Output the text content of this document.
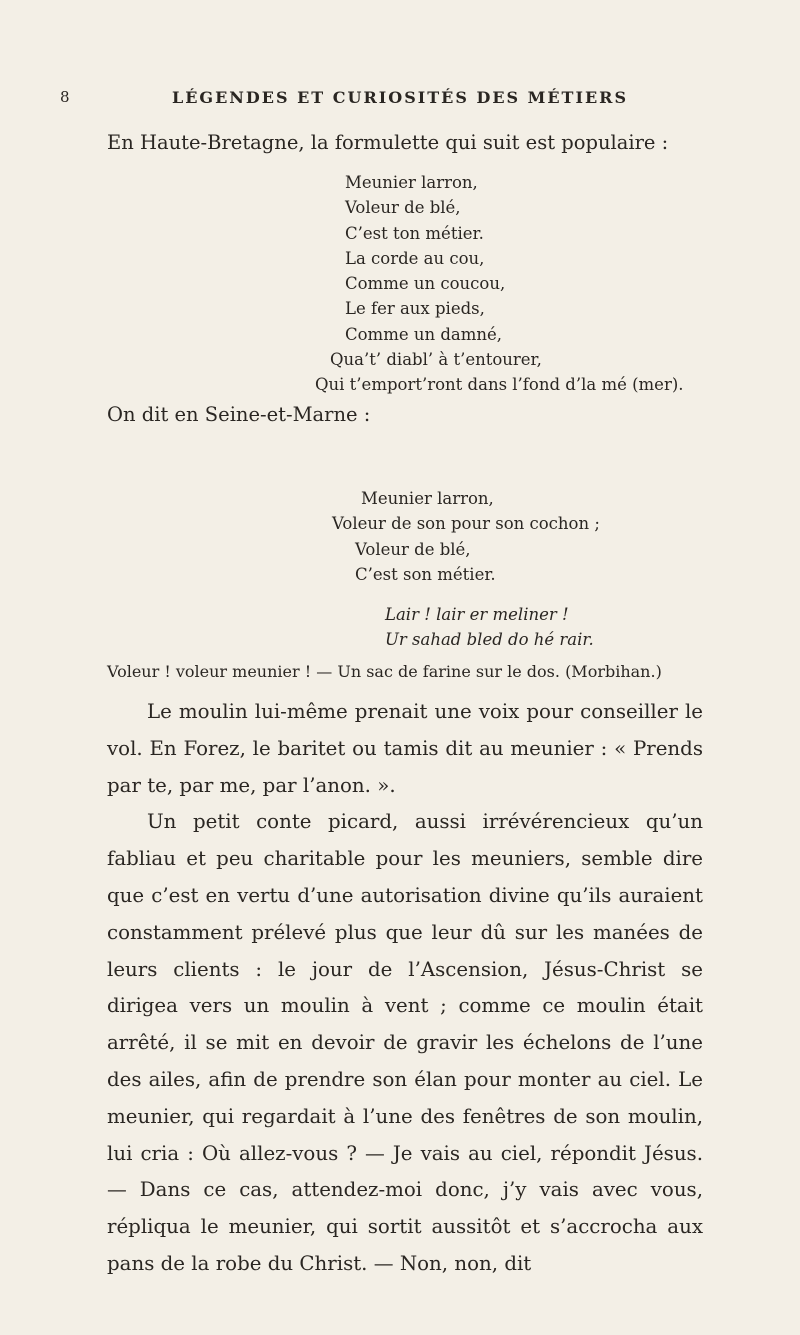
8	LÉGENDES ET CURIOSITÉS DES MÉTIERS

En Haute-Bretagne, la formulette qui suit est populaire :

Meunier larron,
Voleur de blé,
C’est ton métier.
La corde au cou,
Comme un coucou,
Le fer aux pieds,
Comme un damné,
Qua’t’ diabl’ à t’entourer,
Qui t’emport’ront dans l’fond d’la mé (mer).

On dit en Seine-et-Marne :

Meunier larron,
Voleur de son pour son cochon ;
Voleur de blé,
C’est son métier.
Lair ! lair er meliner !
Ur sahad bled do hé rair.
Voleur ! voleur meunier ! — Un sac de farine sur le dos. (Morbihan.)

Le moulin lui-même prenait une voix pour conseiller le vol. En Forez, le baritet ou tamis dit au meunier : « Prends par te, par me, par l’anon. ».

Un petit conte picard, aussi irrévérencieux qu’un fabliau et peu charitable pour les meuniers, semble dire que c’est en vertu d’une autorisation divine qu’ils auraient constamment prélevé plus que leur dû sur les manées de leurs clients : le jour de l’Ascension, Jésus-Christ se dirigea vers un moulin à vent ; comme ce moulin était arrêté, il se mit en devoir de gravir les échelons de l’une des ailes, afin de prendre son élan pour monter au ciel. Le meunier, qui regardait à l’une des fenêtres de son moulin, lui cria : Où allez-vous ? — Je vais au ciel, répondit Jésus. — Dans ce cas, attendez-moi donc, j’y vais avec vous, répliqua le meunier, qui sortit aussitôt et s’accrocha aux pans de la robe du Christ. — Non, non, dit
